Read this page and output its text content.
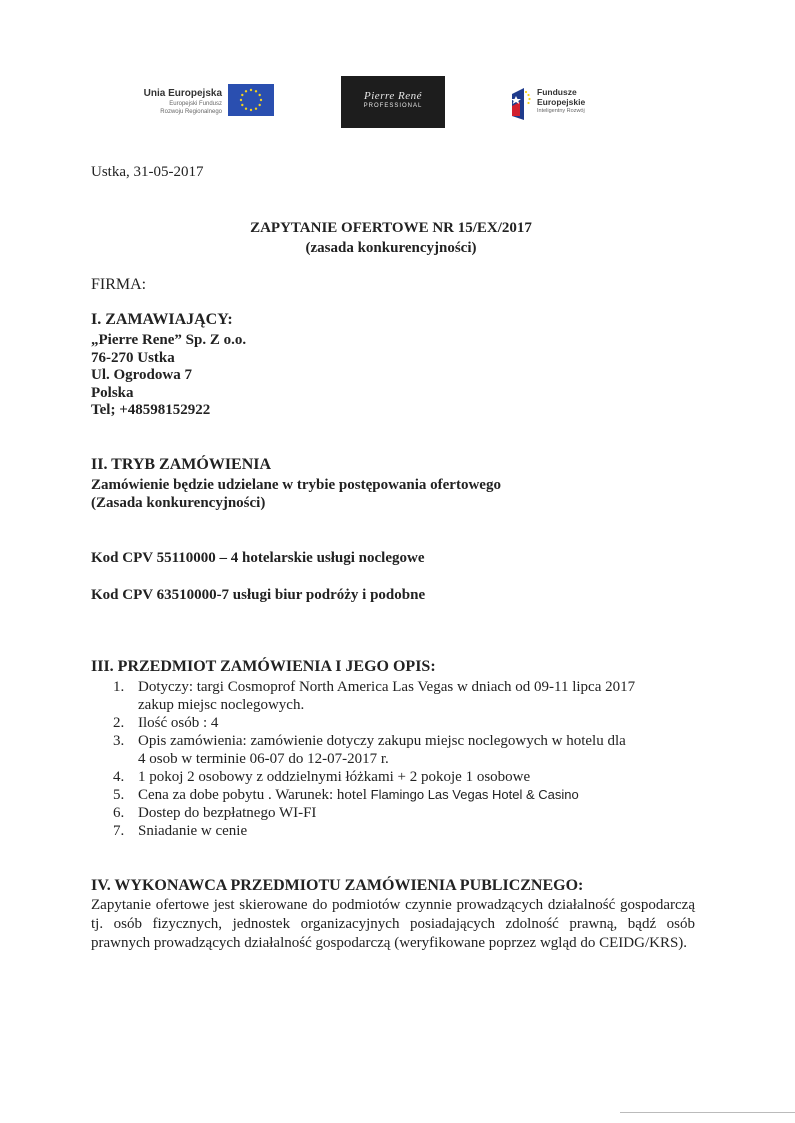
Unia Europejska
Europejski Fundusz
Rozwoju Regionalnego
Pierre René
PROFESSIONAL
Fundusze
Europejskie
Inteligentny Rozwój
Ustka, 31-05-2017
ZAPYTANIE OFERTOWE NR 15/EX/2017
(zasada konkurencyjności)
FIRMA:
I. ZAMAWIAJĄCY:

„Pierre Rene” Sp. Z o.o.

76-270 Ustka

Ul. Ogrodowa 7

Polska

Tel; +48598152922

II. TRYB ZAMÓWIENIA

Zamówienie będzie udzielane w trybie postępowania ofertowego

(Zasada konkurencyjności)

Kod CPV 55110000 – 4 hotelarskie usługi noclegowe
Kod CPV 63510000-7 usługi biur podróży i podobne
III. PRZEDMIOT ZAMÓWIENIA I JEGO OPIS:
1. Dotyczy: targi Cosmoprof North America Las Vegas w dniach od 09-11 lipca 2017
zakup miejsc noclegowych.
2. Ilość osób : 4
3. Opis zamówienia: zamówienie dotyczy zakupu miejsc noclegowych w hotelu dla
4 osob w terminie 06-07 do 12-07-2017 r.
4. 1 pokoj 2 osobowy z oddzielnymi łóżkami + 2 pokoje 1 osobowe
5. Cena za dobe pobytu . Warunek: hotel Flamingo Las Vegas Hotel & Casino
6. Dostep do bezpłatnego WI-FI
7. Sniadanie w cenie
IV. WYKONAWCA PRZEDMIOTU ZAMÓWIENIA PUBLICZNEGO:
Zapytanie ofertowe jest skierowane do podmiotów czynnie prowadzących działalność gospodarczą tj. osób fizycznych, jednostek organizacyjnych posiadających zdolność prawną, bądź osób prawnych prowadzących działalność gospodarczą (weryfikowane poprzez wgląd do CEIDG/KRS).
